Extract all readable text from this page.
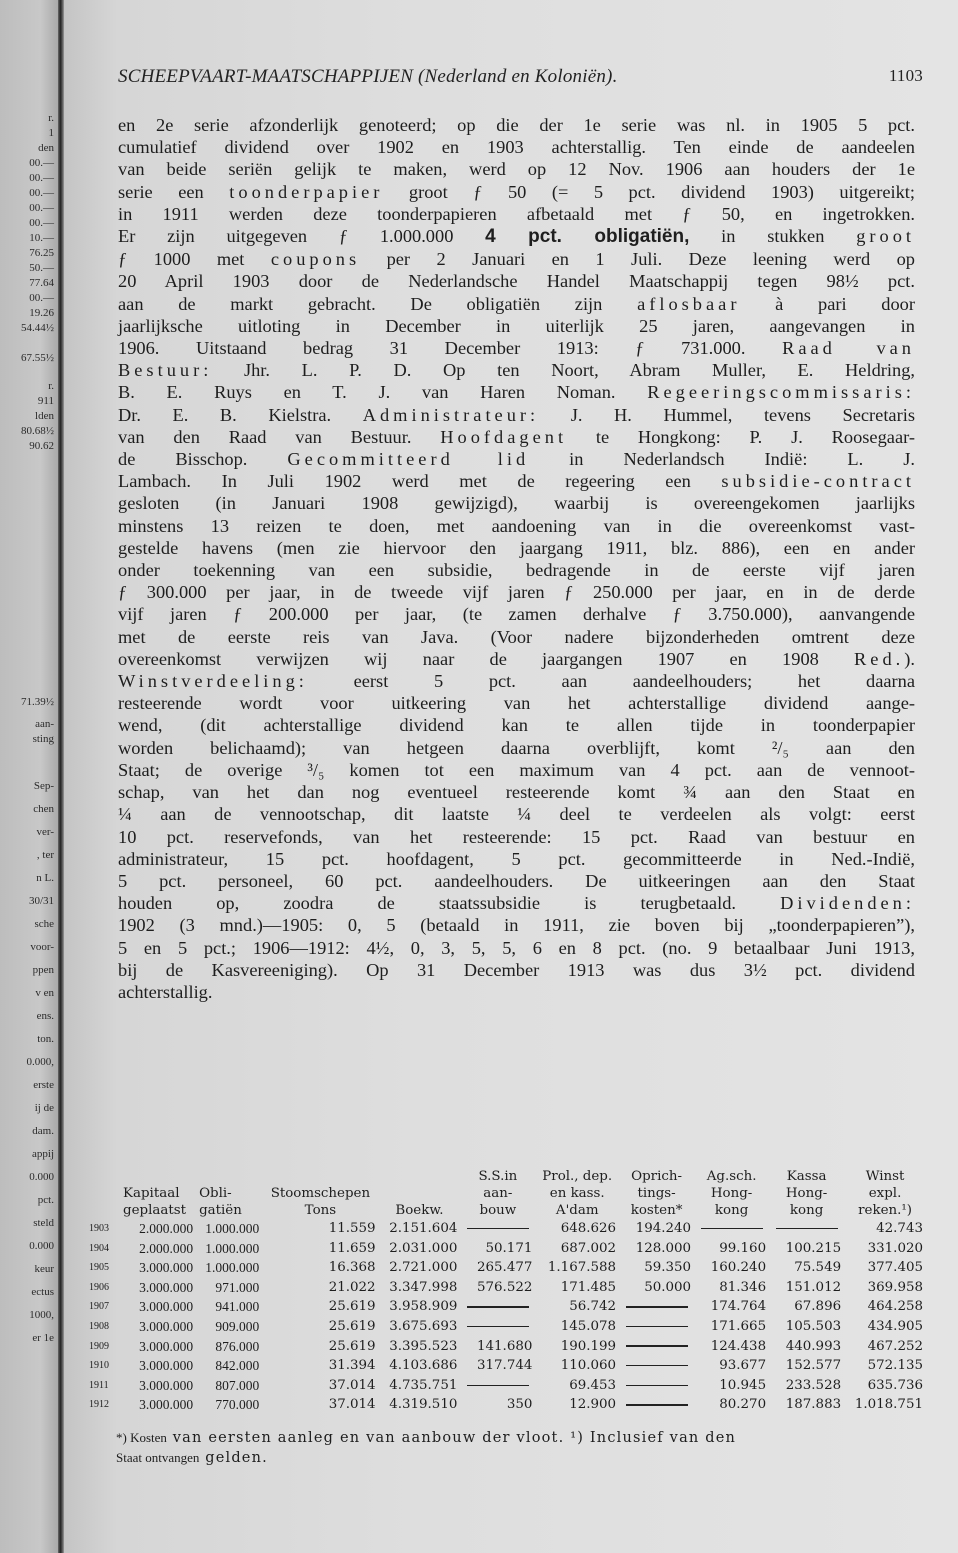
r.
1
den
00.—
00.—
00.—
00.—
00.—
10.—
76.25
50.—
77.64
00.—
19.26
54.44½
67.55½
r.
911
lden
80.68½
90.62
71.39½
aan-
sting
Sep-
chen
ver-
, ter
n L.
30/31
sche
voor-
ppen
v en
ens.
ton.
0.000,
erste
ij de
dam.
appij
0.000
pct.
steld
0.000
keur
ectus
1000,
er 1e
SCHEEPVAART-MAATSCHAPPIJEN (Nederland en Koloniën).	1103
en 2e serie afzonderlijk genoteerd; op die der 1e serie was nl. in 1905 5 pct.
cumulatief dividend over 1902 en 1903 achterstallig. Ten einde de aandeelen
van beide seriën gelijk te maken, werd op 12 Nov. 1906 aan houders der 1e
serie een toonderpapier groot ƒ 50 (= 5 pct. dividend 1903) uitgereikt;
in 1911 werden deze toonderpapieren afbetaald met ƒ 50, en ingetrokken.
Er zijn uitgegeven ƒ 1.000.000 4 pct. obligatiën, in stukken groot
ƒ 1000 met coupons per 2 Januari en 1 Juli. Deze leening werd op
20 April 1903 door de Nederlandsche Handel Maatschappij tegen 98½ pct.
aan de markt gebracht. De obligatiën zijn aflosbaar à pari door
jaarlijksche uitloting in December in uiterlijk 25 jaren, aangevangen in
1906. Uitstaand bedrag 31 December 1913: ƒ 731.000. Raad van
Bestuur: Jhr. L. P. D. Op ten Noort, Abram Muller, E. Heldring,
B. E. Ruys en T. J. van Haren Noman. Regeeringscommissaris:
Dr. E. B. Kielstra. Administrateur: J. H. Hummel, tevens Secretaris
van den Raad van Bestuur. Hoofdagent te Hongkong: P. J. Roosegaar-
de Bisschop. Gecommitteerd lid in Nederlandsch Indië: L. J.
Lambach. In Juli 1902 werd met de regeering een subsidie-contract
gesloten (in Januari 1908 gewijzigd), waarbij is overeengekomen jaarlijks
minstens 13 reizen te doen, met aandoening van in die overeenkomst vast-
gestelde havens (men zie hiervoor den jaargang 1911, blz. 886), een en ander
onder toekenning van een subsidie, bedragende in de eerste vijf jaren
ƒ 300.000 per jaar, in de tweede vijf jaren ƒ 250.000 per jaar, en in de derde
vijf jaren ƒ 200.000 per jaar, (te zamen derhalve ƒ 3.750.000), aanvangende
met de eerste reis van Java. (Voor nadere bijzonderheden omtrent deze
overeenkomst verwijzen wij naar de jaargangen 1907 en 1908 Red.).
Winstverdeeling: eerst 5 pct. aan aandeelhouders; het daarna
resteerende wordt voor uitkeering van het achterstallige dividend aange-
wend, (dit achterstallige dividend kan te allen tijde in toonderpapier
worden belichaamd); van hetgeen daarna overblijft, komt ²/₅ aan den
Staat; de overige ³/₅ komen tot een maximum van 4 pct. aan de vennoot-
schap, van het dan nog eventueel resteerende komt ¾ aan den Staat en
¼ aan de vennootschap, dit laatste ¼ deel te verdeelen als volgt: eerst
10 pct. reservefonds, van het resteerende: 15 pct. Raad van bestuur en
administrateur, 15 pct. hoofdagent, 5 pct. gecommitteerde in Ned.-Indië,
5 pct. personeel, 60 pct. aandeelhouders. De uitkeeringen aan den Staat
houden op, zoodra de staatssubsidie is terugbetaald. Dividenden:
1902 (3 mnd.)—1905: 0, 5 (betaald in 1911, zie boven bij „toonderpapieren”),
5 en 5 pct.; 1906—1912: 4½, 0, 3, 5, 5, 6 en 8 pct. (no. 9 betaalbaar Juni 1913,
bij de Kasvereeniging). Op 31 December 1913 was dus 3½ pct. dividend
achterstallig.
					S.S.in	Prol., dep.	Oprich-	Ag.sch.	Kassa	Winst
	Kapitaal	Obli-	Stoomschepen		aan-	en kass.	tings-	Hong-	Hong-	expl.
	geplaatst	gatiën	Tons	Boekw.	bouw	A'dam	kosten*	kong	kong	reken.¹)
1903	2.000.000	1.000.000	11.559	2.151.604		648.626	194.240			42.743
1904	2.000.000	1.000.000	11.659	2.031.000	50.171	687.002	128.000	99.160	100.215	331.020
1905	3.000.000	1.000.000	16.368	2.721.000	265.477	1.167.588	59.350	160.240	75.549	377.405
1906	3.000.000	971.000	21.022	3.347.998	576.522	171.485	50.000	81.346	151.012	369.958
1907	3.000.000	941.000	25.619	3.958.909		56.742		174.764	67.896	464.258
1908	3.000.000	909.000	25.619	3.675.693		145.078		171.665	105.503	434.905
1909	3.000.000	876.000	25.619	3.395.523	141.680	190.199		124.438	440.993	467.252
1910	3.000.000	842.000	31.394	4.103.686	317.744	110.060		93.677	152.577	572.135
1911	3.000.000	807.000	37.014	4.735.751		69.453		10.945	233.528	635.736
1912	3.000.000	770.000	37.014	4.319.510	350	12.900		80.270	187.883	1.018.751
*) Kosten van eersten aanleg en van aanbouw der vloot. ¹) Inclusief van den
Staat ontvangen gelden.
